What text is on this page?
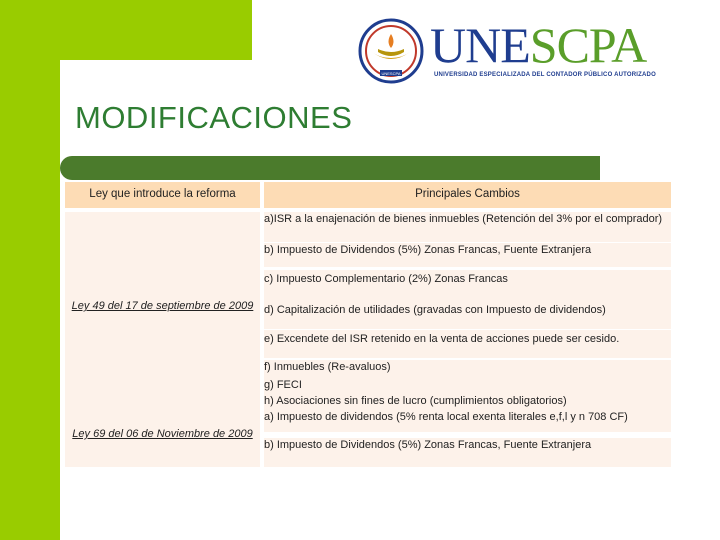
UNESCPA
UNESCPA
UNIVERSIDAD ESPECIALIZADA DEL CONTADOR PÚBLICO AUTORIZADO
MODIFICACIONES
Ley que introduce la reforma	Principales Cambios
Ley 49 del 17 de septiembre de 2009
Ley 69 del 06 de Noviembre de 2009
a)ISR a la enajenación de bienes inmuebles (Retención del 3% por el comprador)
b) Impuesto de Dividendos (5%) Zonas Francas, Fuente Extranjera
c) Impuesto Complementario (2%) Zonas Francas
d) Capitalización de utilidades (gravadas con Impuesto de dividendos)
e) Excendete del ISR retenido en la venta de acciones puede ser cesido.
f) Inmuebles (Re-avaluos)
g) FECI
h) Asociaciones sin fines de lucro (cumplimientos obligatorios)
a) Impuesto de dividendos (5% renta local exenta literales e,f,l y n 708 CF)
b) Impuesto de Dividendos (5%) Zonas Francas, Fuente Extranjera
